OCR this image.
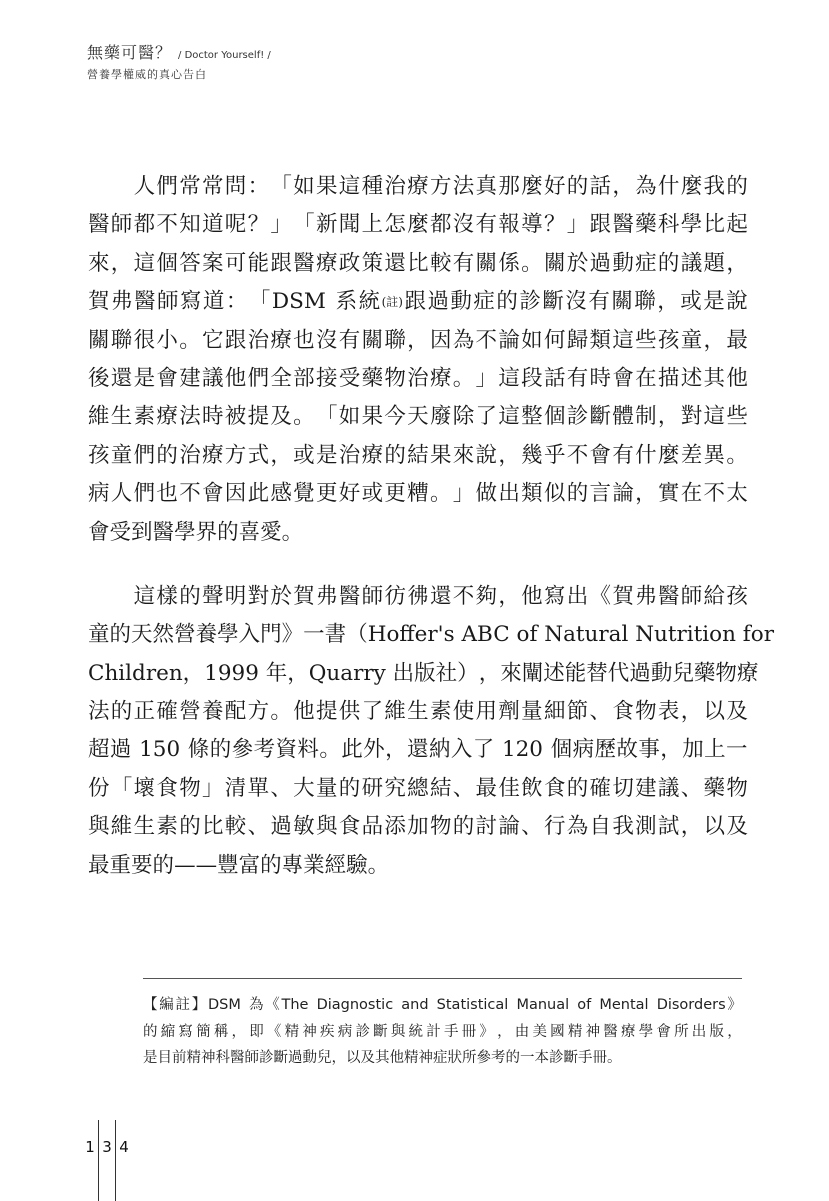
無藥可醫？ / Doctor Yourself! /
營養學權威的真心告白

人 們 常 常 問 ： 「 如 果 這 種 治 療 方 法 真 那 麼 好 的 話 ， 為 什 麼 我 的
醫 師 都 不 知 道 呢 ？ 」 「 新 聞 上 怎 麼 都 沒 有 報 導 ？ 」 跟 醫 藥 科 學 比 起
來 ， 這 個 答 案 可 能 跟 醫 療 政 策 還 比 較 有 關 係 。 關 於 過 動 症 的 議 題 ，
賀 弗 醫 師 寫 道 ： 「 DSM
系 統 (註) 跟 過 動 症 的 診 斷 沒 有 關 聯 ， 或 是 說
關 聯 很 小 。 它 跟 治 療 也 沒 有 關 聯 ， 因 為 不 論 如 何 歸 類 這 些 孩 童 ， 最
後 還 是 會 建 議 他 們 全 部 接 受 藥 物 治 療 。 」 這 段 話 有 時 會 在 描 述 其 他
維 生 素 療 法 時 被 提 及 。 「 如 果 今 天 廢 除 了 這 整 個 診 斷 體 制 ， 對 這 些
孩 童 們 的 治 療 方 式 ， 或 是 治 療 的 結 果 來 說 ， 幾 乎 不 會 有 什 麼 差 異 。
病 人 們 也 不 會 因 此 感 覺 更 好 或 更 糟 。 」 做 出 類 似 的 言 論 ， 實 在 不 太
會 受 到 醫 學 界 的 喜 愛 。

這 樣 的 聲 明 對 於 賀 弗 醫 師 彷 彿 還 不 夠 ， 他 寫 出 《 賀 弗 醫 師 給 孩
童 的 天 然 營 養 學 入 門 》 一 書 （ Hoffer's
ABC
of
Natural
Nutrition
for
Children ， 1999
年 ， Quarry
出 版 社 ） ， 來 闡 述 能 替 代 過 動 兒 藥 物 療
法 的 正 確 營 養 配 方 。 他 提 供 了 維 生 素 使 用 劑 量 細 節 、 食 物 表 ， 以 及
超 過
150
條 的 參 考 資 料 。 此 外 ， 還 納 入 了
120
個 病 歷 故 事 ， 加 上 一
份 「 壞 食 物 」 清 單 、 大 量 的 研 究 總 結 、 最 佳 飲 食 的 確 切 建 議 、 藥 物
與 維 生 素 的 比 較 、 過 敏 與 食 品 添 加 物 的 討 論 、 行 為 自 我 測 試 ， 以 及
最 重 要 的 — — 豐 富 的 專 業 經 驗 。
【 編 註 】 DSM
為 《 The
Diagnostic
and
Statistical
Manual
of
Mental
Disorders 》
的 縮 寫 簡 稱 ， 即 《 精 神 疾 病 診 斷 與 統 計 手 冊 》 ， 由 美 國 精 神 醫 療 學 會 所 出 版 ，
是 目 前 精 神 科 醫 師 診 斷 過 動 兒 ， 以 及 其 他 精 神 症 狀 所 參 考 的 一 本 診 斷 手 冊 。
1 3 4
